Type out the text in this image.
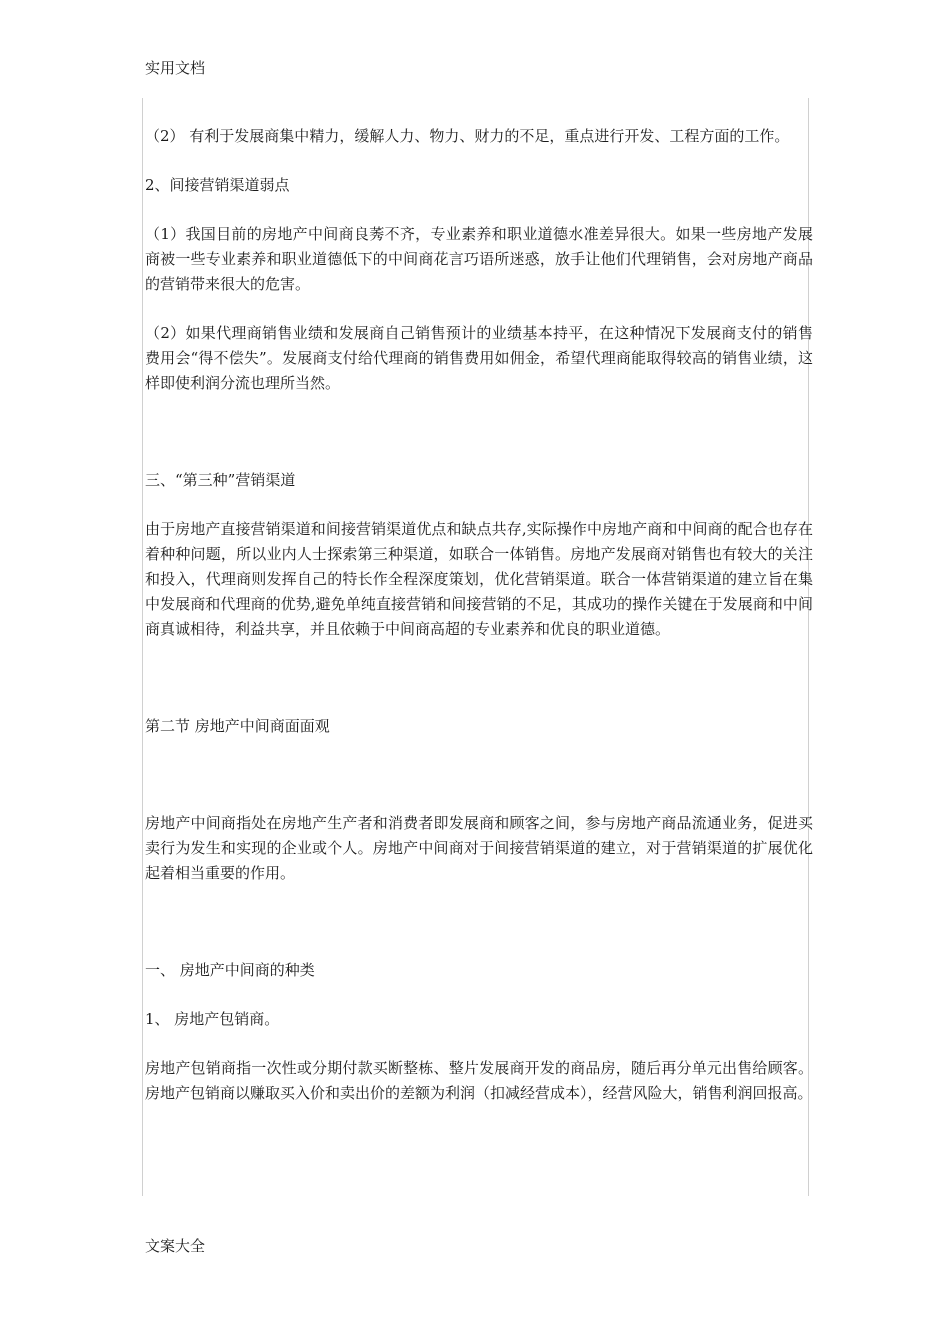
实用文档

（2） 有利于发展商集中精力，缓解人力、物力、财力的不足，重点进行开发、工程方面的工作。

2、间接营销渠道弱点

（1）我国目前的房地产中间商良莠不齐，专业素养和职业道德水准差异很大。如果一些房地产发展商被一些专业素养和职业道德低下的中间商花言巧语所迷惑，放手让他们代理销售，会对房地产商品的营销带来很大的危害。

（2）如果代理商销售业绩和发展商自己销售预计的业绩基本持平，在这种情况下发展商支付的销售费用会“得不偿失”。发展商支付给代理商的销售费用如佣金，希望代理商能取得较高的销售业绩，这样即使利润分流也理所当然。

三、“第三种”营销渠道

由于房地产直接营销渠道和间接营销渠道优点和缺点共存,实际操作中房地产商和中间商的配合也存在着种种问题，所以业内人士探索第三种渠道，如联合一体销售。房地产发展商对销售也有较大的关注和投入，代理商则发挥自己的特长作全程深度策划，优化营销渠道。联合一体营销渠道的建立旨在集中发展商和代理商的优势,避免单纯直接营销和间接营销的不足，其成功的操作关键在于发展商和中间商真诚相待，利益共享，并且依赖于中间商高超的专业素养和优良的职业道德。

第二节 房地产中间商面面观

房地产中间商指处在房地产生产者和消费者即发展商和顾客之间，参与房地产商品流通业务，促进买卖行为发生和实现的企业或个人。房地产中间商对于间接营销渠道的建立，对于营销渠道的扩展优化起着相当重要的作用。

一、 房地产中间商的种类

1、 房地产包销商。

房地产包销商指一次性或分期付款买断整栋、整片发展商开发的商品房，随后再分单元出售给顾客。房地产包销商以赚取买入价和卖出价的差额为利润（扣减经营成本），经营风险大，销售利润回报高。

文案大全
